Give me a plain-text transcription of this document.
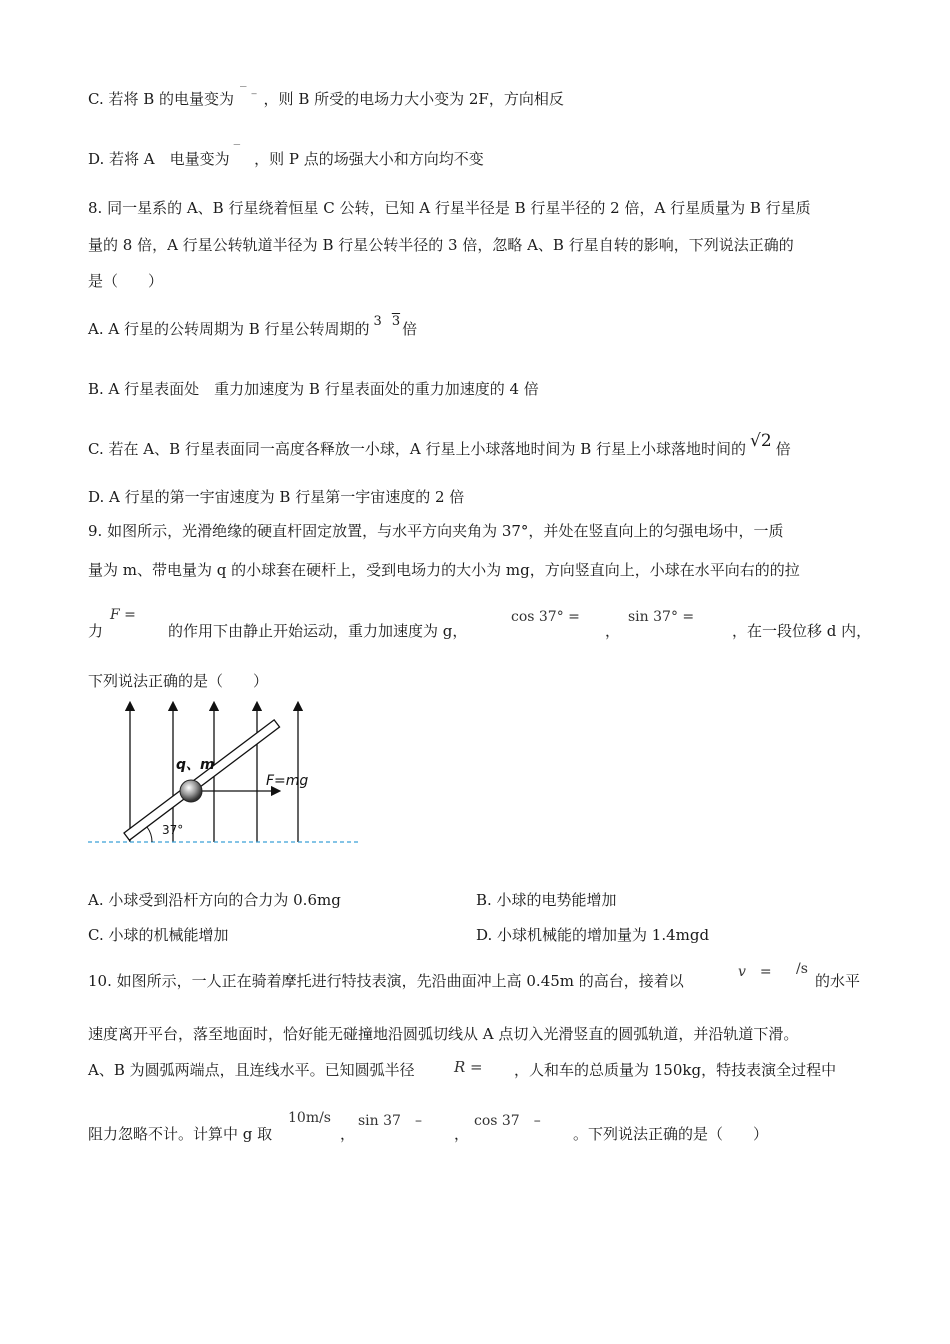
C. 若将 B 的电量变为 ‾ ₋ ，则 B 所受的电场力大小变为 2F，方向相反
D. 若将 A　电量变为 ‾ ，则 P 点的场强大小和方向均不变
8. 同一星系的 A、B 行星绕着恒星 C 公转，已知 A 行星半径是 B 行星半径的 2 倍，A 行星质量为 B 行星质
量的 8 倍，A 行星公转轨道半径为 B 行星公转半径的 3 倍，忽略 A、B 行星自转的影响，下列说法正确的
是（　　）
A. A 行星的公转周期为 B 行星公转周期的 3 3 倍
B. A 行星表面处　重力加速度为 B 行星表面处的重力加速度的 4 倍
C. 若在 A、B 行星表面同一高度各释放一小球，A 行星上小球落地时间为 B 行星上小球落地时间的 √2 倍
D. A 行星的第一宇宙速度为 B 行星第一宇宙速度的 2 倍
9. 如图所示，光滑绝缘的硬直杆固定放置，与水平方向夹角为 37°，并处在竖直向上的匀强电场中，一质
量为 m、带电量为 q 的小球套在硬杆上，受到电场力的大小为 mg，方向竖直向上，小球在水平向右的的拉
力
F =
的作用下由静止开始运动，重力加速度为 g，
cos 37° =
，
sin 37° =
，在一段位移 d 内，
下列说法正确的是（　　）
37°
F=mg
q、m
A. 小球受到沿杆方向的合力为 0.6mg	B. 小球的电势能增加
C. 小球的机械能增加	D. 小球机械能的增加量为 1.4mgd
10. 如图所示，一人正在骑着摩托进行特技表演，先沿曲面冲上高 0.45m 的高台，接着以	v　= /s
的水平
速度离开平台，落至地面时，恰好能无碰撞地沿圆弧切线从 A 点切入光滑竖直的圆弧轨道，并沿轨道下滑。
A、B 为圆弧两端点，且连线水平。已知圆弧半径	R = ，人和车的总质量为 150kg，特技表演全过程中
阻力忽略不计。计算中 g 取
10m/s
，
sin 37　–
，
cos 37　–
。下列说法正确的是（　　）
